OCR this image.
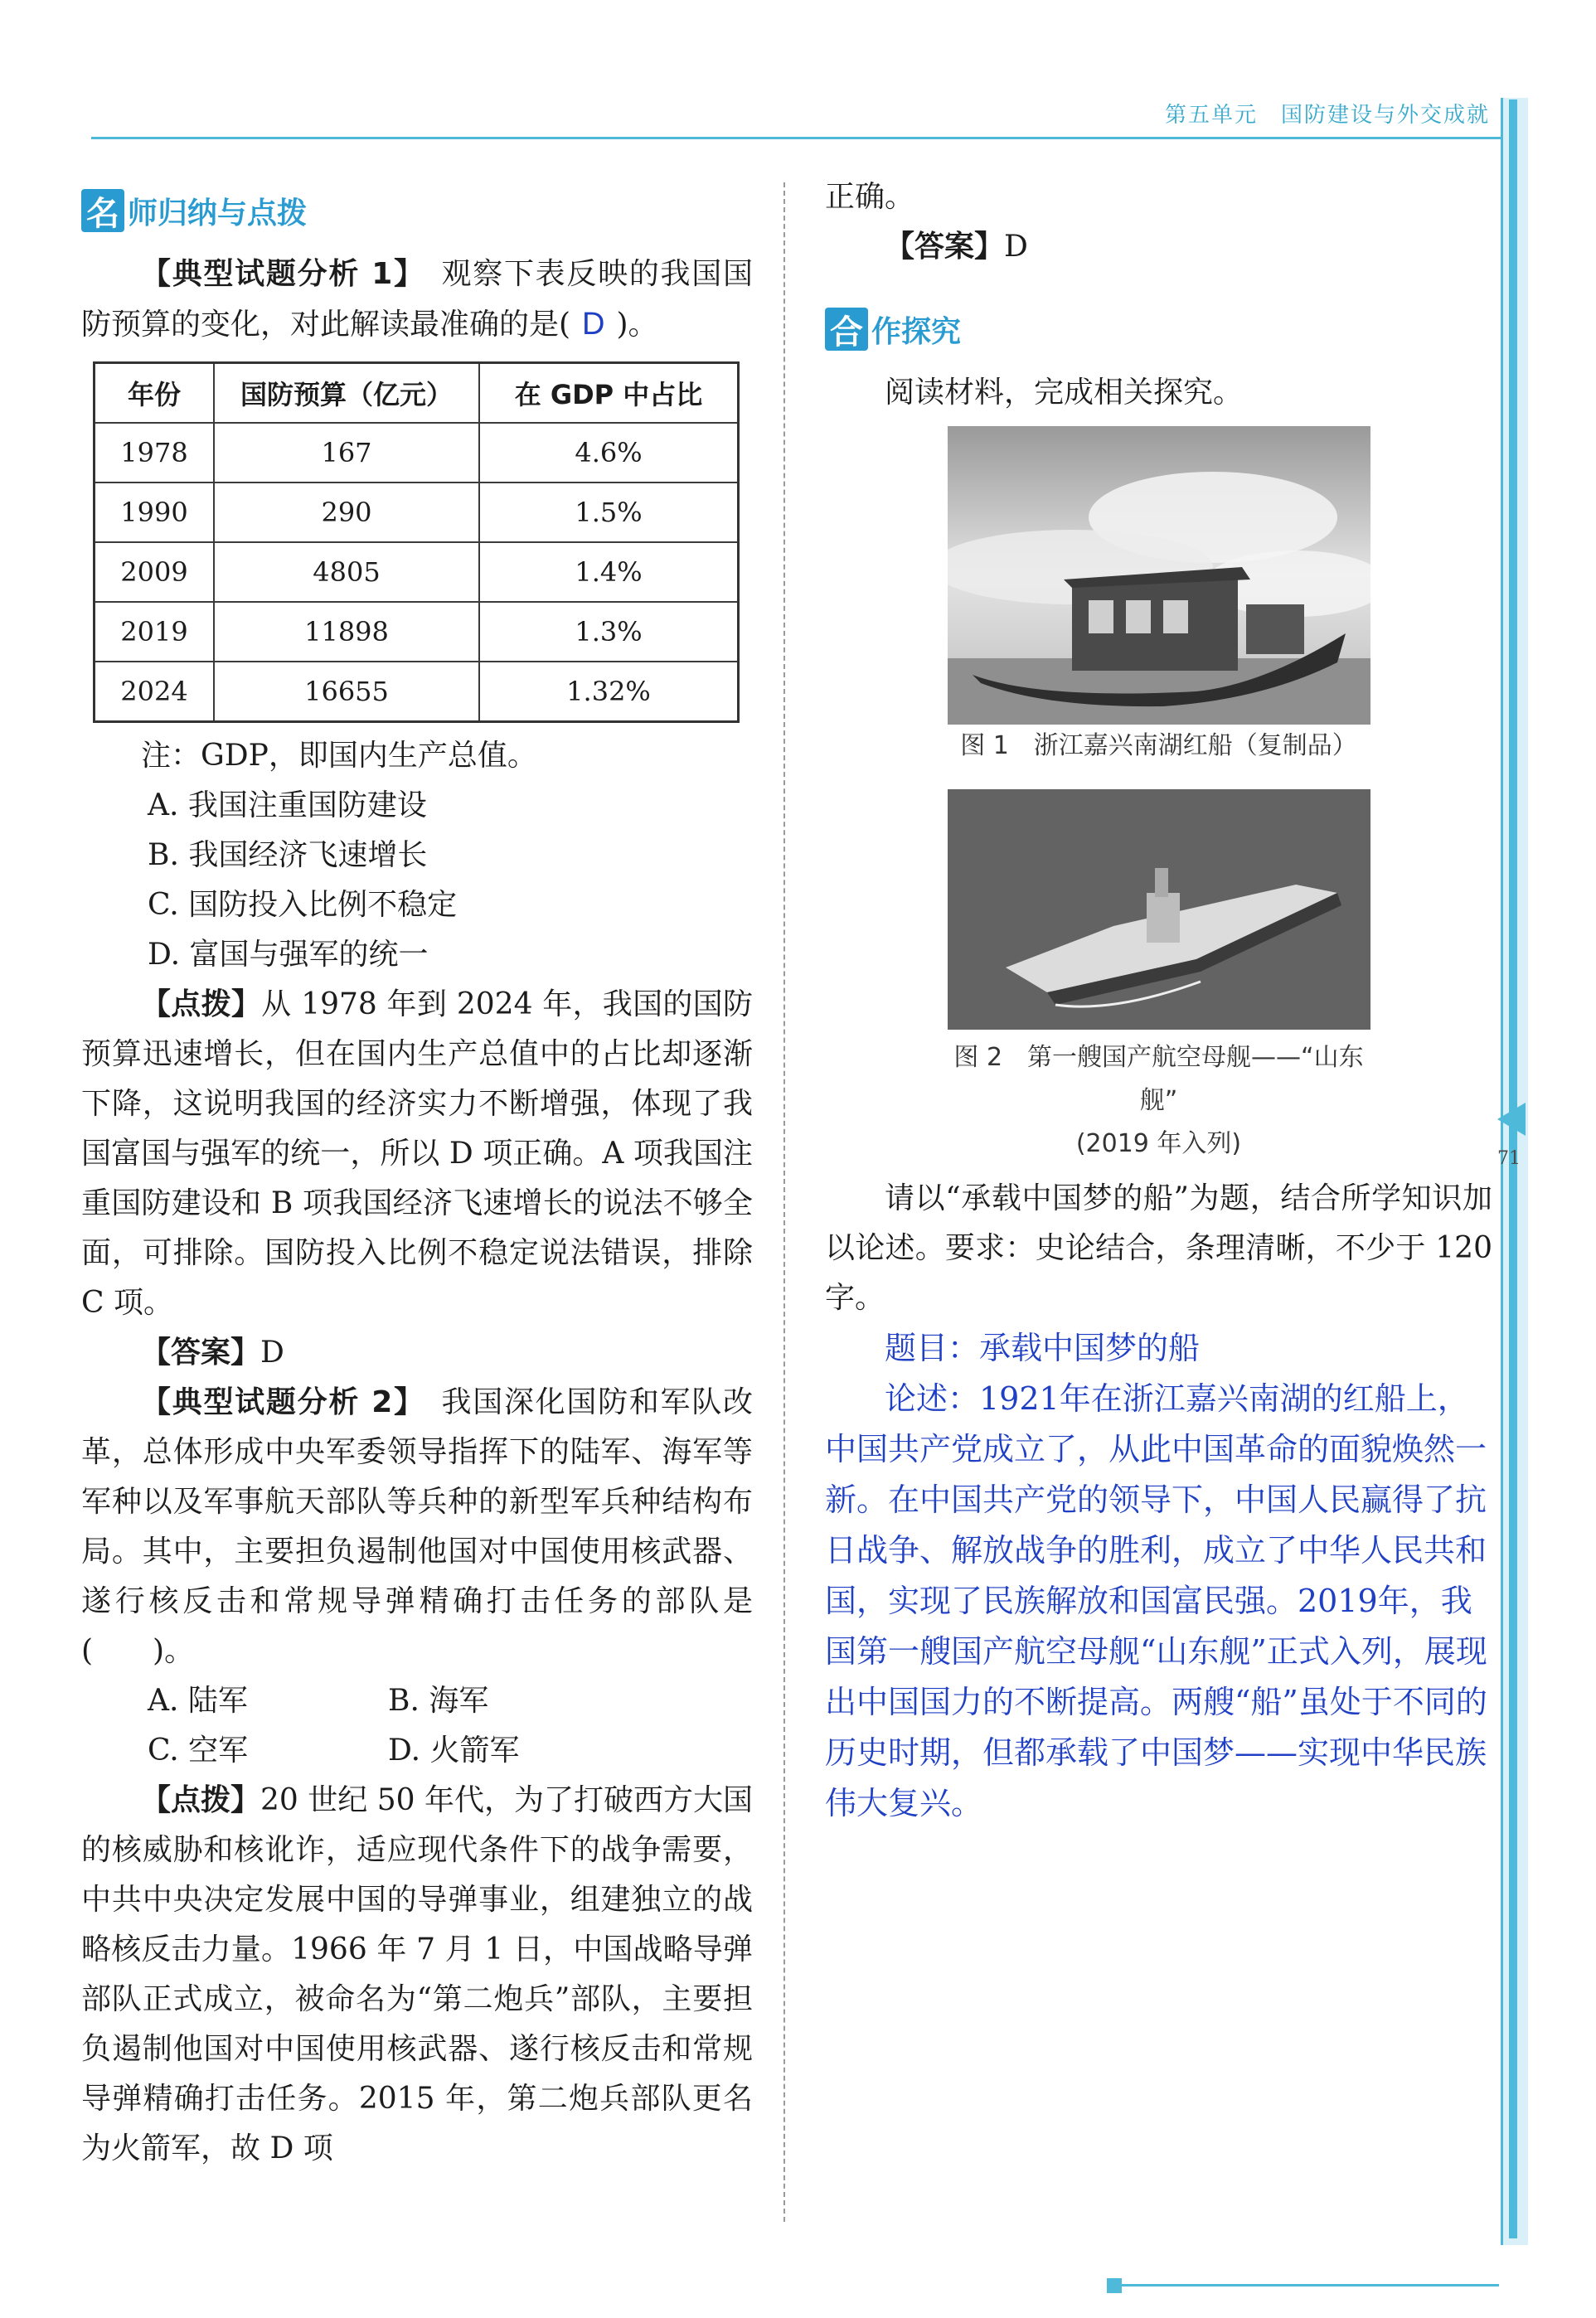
第五单元　国防建设与外交成就
71
名 师归纳与点拨

【典型试题分析 1】　观察下表反映的我国国防预算的变化，对此解读最准确的是( D )。

年份	国防预算（亿元）	在 GDP 中占比
1978	167	4.6%
1990	290	1.5%
2009	4805	1.4%
2019	11898	1.3%
2024	16655	1.32%

注：GDP，即国内生产总值。

A. 我国注重国防建设
B. 我国经济飞速增长
C. 国防投入比例不稳定
D. 富国与强军的统一

【点拨】从 1978 年到 2024 年，我国的国防预算迅速增长，但在国内生产总值中的占比却逐渐下降，这说明我国的经济实力不断增强，体现了我国富国与强军的统一，所以 D 项正确。A 项我国注重国防建设和 B 项我国经济飞速增长的说法不够全面，可排除。国防投入比例不稳定说法错误，排除 C 项。

【答案】D

【典型试题分析 2】　我国深化国防和军队改革，总体形成中央军委领导指挥下的陆军、海军等军种以及军事航天部队等兵种的新型军兵种结构布局。其中，主要担负遏制他国对中国使用核武器、遂行核反击和常规导弹精确打击任务的部队是(　　)。

A. 陆军	B. 海军
C. 空军	D. 火箭军

【点拨】20 世纪 50 年代，为了打破西方大国的核威胁和核讹诈，适应现代条件下的战争需要，中共中央决定发展中国的导弹事业，组建独立的战略核反击力量。1966 年 7 月 1 日，中国战略导弹部队正式成立，被命名为“第二炮兵”部队，主要担负遏制他国对中国使用核武器、遂行核反击和常规导弹精确打击任务。2015 年，第二炮兵部队更名为火箭军，故 D 项

正确。

【答案】D

合 作探究

阅读材料，完成相关探究。

图 1　浙江嘉兴南湖红船（复制品）
图 2　第一艘国产航空母舰——“山东舰”
(2019 年入列)

请以“承载中国梦的船”为题，结合所学知识加以论述。要求：史论结合，条理清晰，不少于 120 字。

题目：承载中国梦的船

论述：1921年在浙江嘉兴南湖的红船上，中国共产党成立了，从此中国革命的面貌焕然一新。在中国共产党的领导下，中国人民赢得了抗日战争、解放战争的胜利，成立了中华人民共和国，实现了民族解放和国富民强。2019年，我国第一艘国产航空母舰“山东舰”正式入列，展现出中国国力的不断提高。两艘“船”虽处于不同的历史时期，但都承载了中国梦——实现中华民族伟大复兴。
